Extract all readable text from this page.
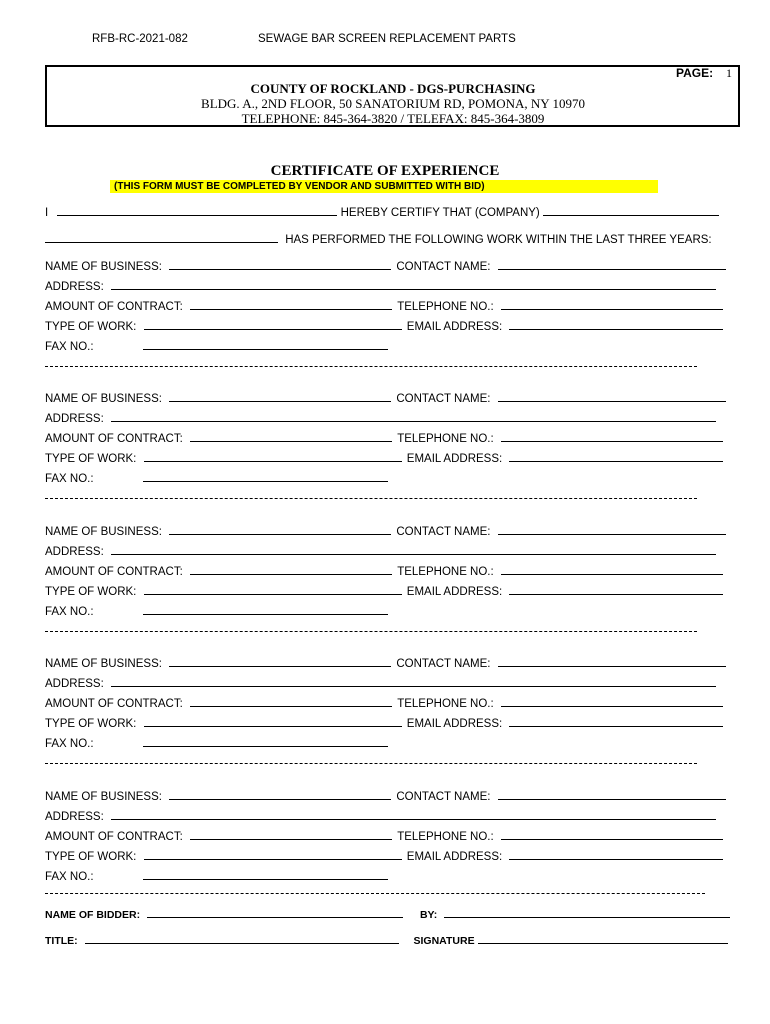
RFB-RC-2021-082	SEWAGE BAR SCREEN REPLACEMENT PARTS
PAGE: 1
COUNTY OF ROCKLAND - DGS-PURCHASING
BLDG. A., 2ND FLOOR, 50 SANATORIUM RD, POMONA, NY 10970
TELEPHONE: 845-364-3820 / TELEFAX: 845-364-3809
CERTIFICATE OF EXPERIENCE
(THIS FORM MUST BE COMPLETED BY VENDOR AND SUBMITTED WITH BID)
I	HEREBY CERTIFY THAT (COMPANY)
HAS PERFORMED THE FOLLOWING WORK WITHIN THE LAST THREE YEARS:
NAME OF BUSINESS:	CONTACT NAME:
ADDRESS:
AMOUNT OF CONTRACT:	TELEPHONE NO.:
TYPE OF WORK:	EMAIL ADDRESS:
FAX NO.:
NAME OF BUSINESS:	CONTACT NAME:
ADDRESS:
AMOUNT OF CONTRACT:	TELEPHONE NO.:
TYPE OF WORK:	EMAIL ADDRESS:
FAX NO.:
NAME OF BUSINESS:	CONTACT NAME:
ADDRESS:
AMOUNT OF CONTRACT:	TELEPHONE NO.:
TYPE OF WORK:	EMAIL ADDRESS:
FAX NO.:
NAME OF BUSINESS:	CONTACT NAME:
ADDRESS:
AMOUNT OF CONTRACT:	TELEPHONE NO.:
TYPE OF WORK:	EMAIL ADDRESS:
FAX NO.:
NAME OF BUSINESS:	CONTACT NAME:
ADDRESS:
AMOUNT OF CONTRACT:	TELEPHONE NO.:
TYPE OF WORK:	EMAIL ADDRESS:
FAX NO.:
NAME OF BIDDER:	BY:
TITLE:	SIGNATURE
